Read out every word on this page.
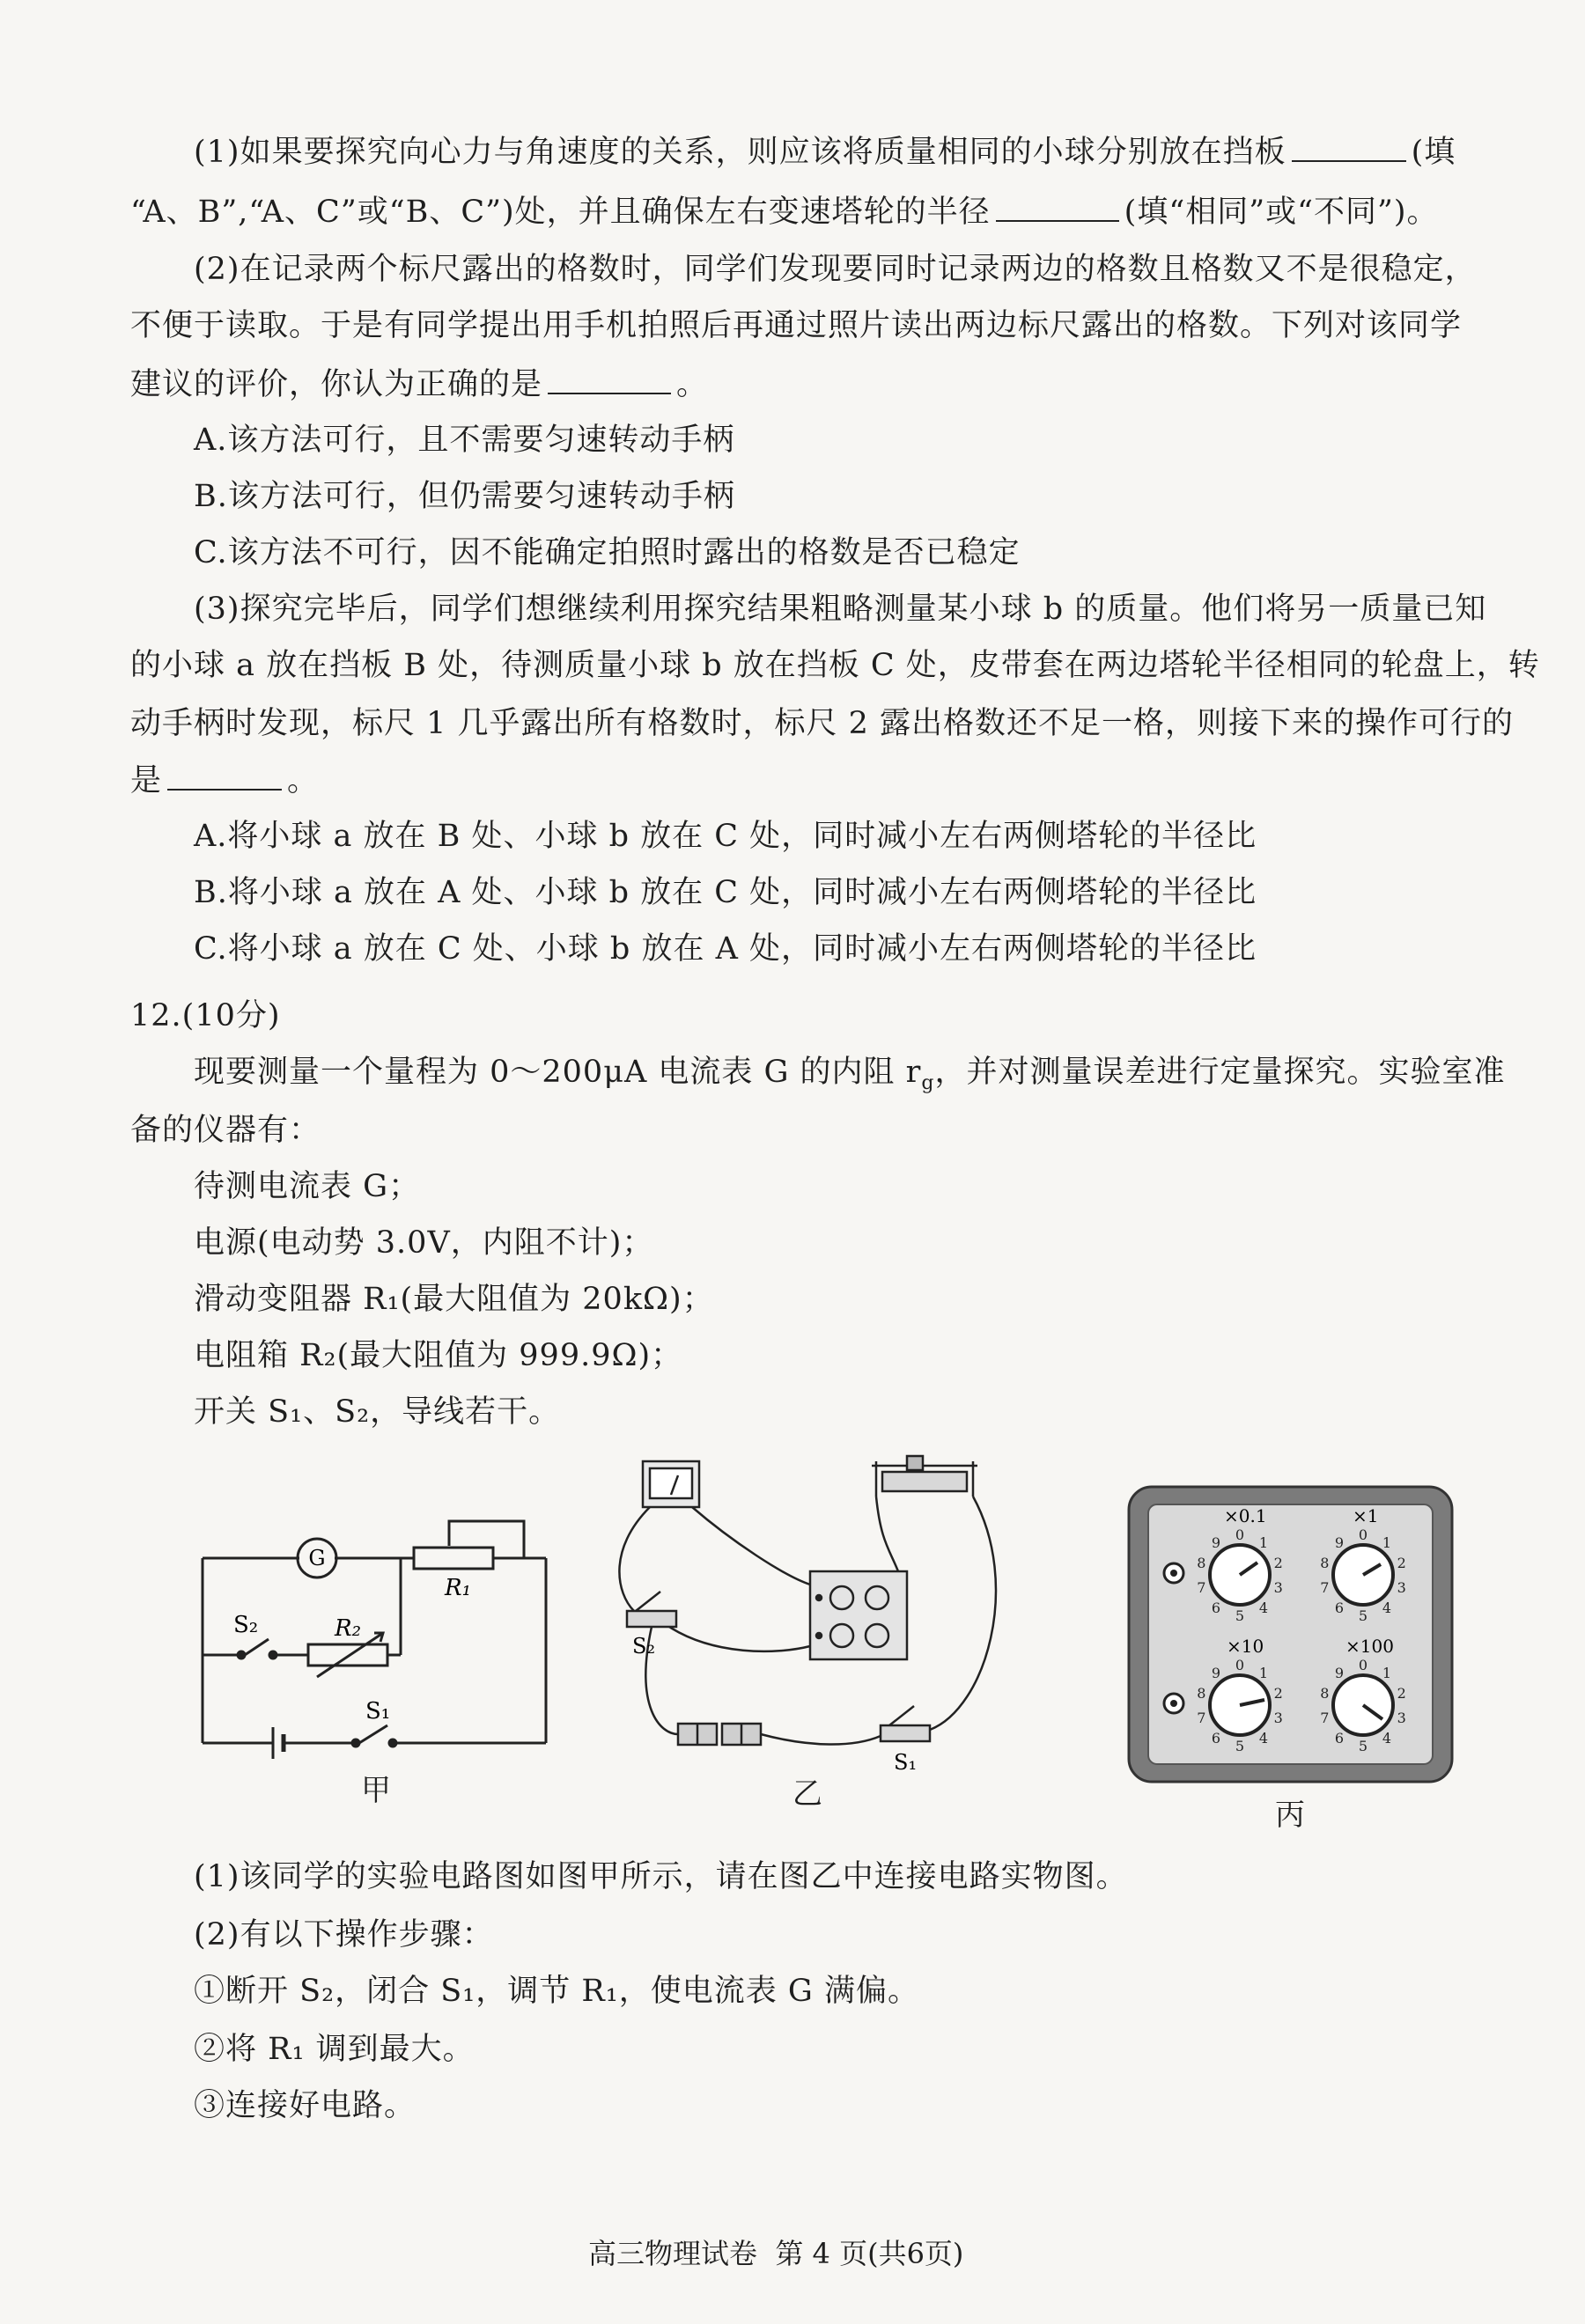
(1)如果要探究向心力与角速度的关系，则应该将质量相同的小球分别放在挡板	(填
“A、B”,“A、C”或“B、C”)处，并且确保左右变速塔轮的半径	(填“相同”或“不同”)。
(2)在记录两个标尺露出的格数时，同学们发现要同时记录两边的格数且格数又不是很稳定，
不便于读取。于是有同学提出用手机拍照后再通过照片读出两边标尺露出的格数。下列对该同学
建议的评价，你认为正确的是	。
A.该方法可行，且不需要匀速转动手柄
B.该方法可行，但仍需要匀速转动手柄
C.该方法不可行，因不能确定拍照时露出的格数是否已稳定
(3)探究完毕后，同学们想继续利用探究结果粗略测量某小球 b 的质量。他们将另一质量已知
的小球 a 放在挡板 B 处，待测质量小球 b 放在挡板 C 处，皮带套在两边塔轮半径相同的轮盘上，转
动手柄时发现，标尺 1 几乎露出所有格数时，标尺 2 露出格数还不足一格，则接下来的操作可行的
是	。
A.将小球 a 放在 B 处、小球 b 放在 C 处，同时减小左右两侧塔轮的半径比
B.将小球 a 放在 A 处、小球 b 放在 C 处，同时减小左右两侧塔轮的半径比
C.将小球 a 放在 C 处、小球 b 放在 A 处，同时减小左右两侧塔轮的半径比
12.(10分)
现要测量一个量程为 0～200μA 电流表 G 的内阻 $r_g$，并对测量误差进行定量探究。实验室准
备的仪器有：
待测电流表 G；
电源(电动势 3.0V，内阻不计)；
滑动变阻器 R₁(最大阻值为 20kΩ)；
电阻箱 R₂(最大阻值为 999.9Ω)；
开关 S₁、S₂，导线若干。
G
R₁
S₂	R₂
S₁
甲
S₂
S₁
乙
×0.1	×1
×10	×100
0 1
2
3
4
5
6
7
8
9	0 1
2
3
4
5
6
7
8
9
0 1
2
3
4
5
6
7
8
9	0 1
2
3
4
5
6
7
8
9
丙
(1)该同学的实验电路图如图甲所示，请在图乙中连接电路实物图。
(2)有以下操作步骤：
①断开 S₂，闭合 S₁，调节 R₁，使电流表 G 满偏。
②将 R₁ 调到最大。
③连接好电路。
高三物理试卷 第 4 页(共6页)
